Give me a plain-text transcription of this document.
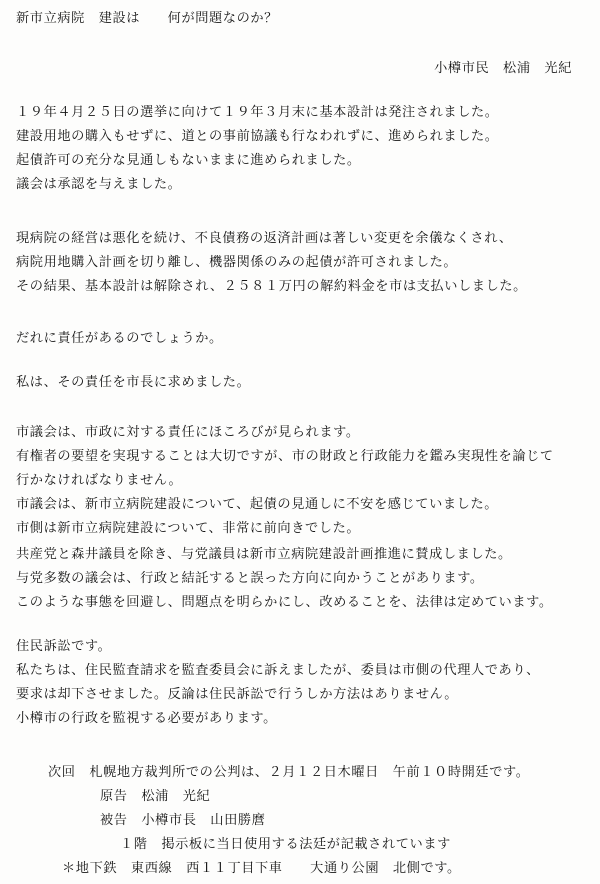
新市立病院　建設は　　何が問題なのか？
小樽市民　松浦　光紀
１９年４月２５日の選挙に向けて１９年３月末に基本設計は発注されました。
建設用地の購入もせずに、道との事前協議も行なわれずに、進められました。
起債許可の充分な見通しもないままに進められました。
議会は承認を与えました。
現病院の経営は悪化を続け、不良債務の返済計画は著しい変更を余儀なくされ、
病院用地購入計画を切り離し、機器関係のみの起債が許可されました。
その結果、基本設計は解除され、２５８１万円の解約料金を市は支払いしました。
だれに責任があるのでしょうか。
私は、その責任を市長に求めました。
市議会は、市政に対する責任にほころびが見られます。
有権者の要望を実現することは大切ですが、市の財政と行政能力を鑑み実現性を論じて
行かなければなりません。
市議会は、新市立病院建設について、起債の見通しに不安を感じていました。
市側は新市立病院建設について、非常に前向きでした。
共産党と森井議員を除き、与党議員は新市立病院建設計画推進に賛成しました。
与党多数の議会は、行政と結託すると誤った方向に向かうことがあります。
このような事態を回避し、問題点を明らかにし、改めることを、法律は定めています。
住民訴訟です。
私たちは、住民監査請求を監査委員会に訴えましたが、委員は市側の代理人であり、
要求は却下させました。反論は住民訴訟で行うしか方法はありません。
小樽市の行政を監視する必要があります。
次回　札幌地方裁判所での公判は、２月１２日木曜日　午前１０時開廷です。
原告　松浦　光紀
被告　小樽市長　山田勝麿
１階　掲示板に当日使用する法廷が記載されています
＊地下鉄　東西線　西１１丁目下車　　大通り公園　北側です。
